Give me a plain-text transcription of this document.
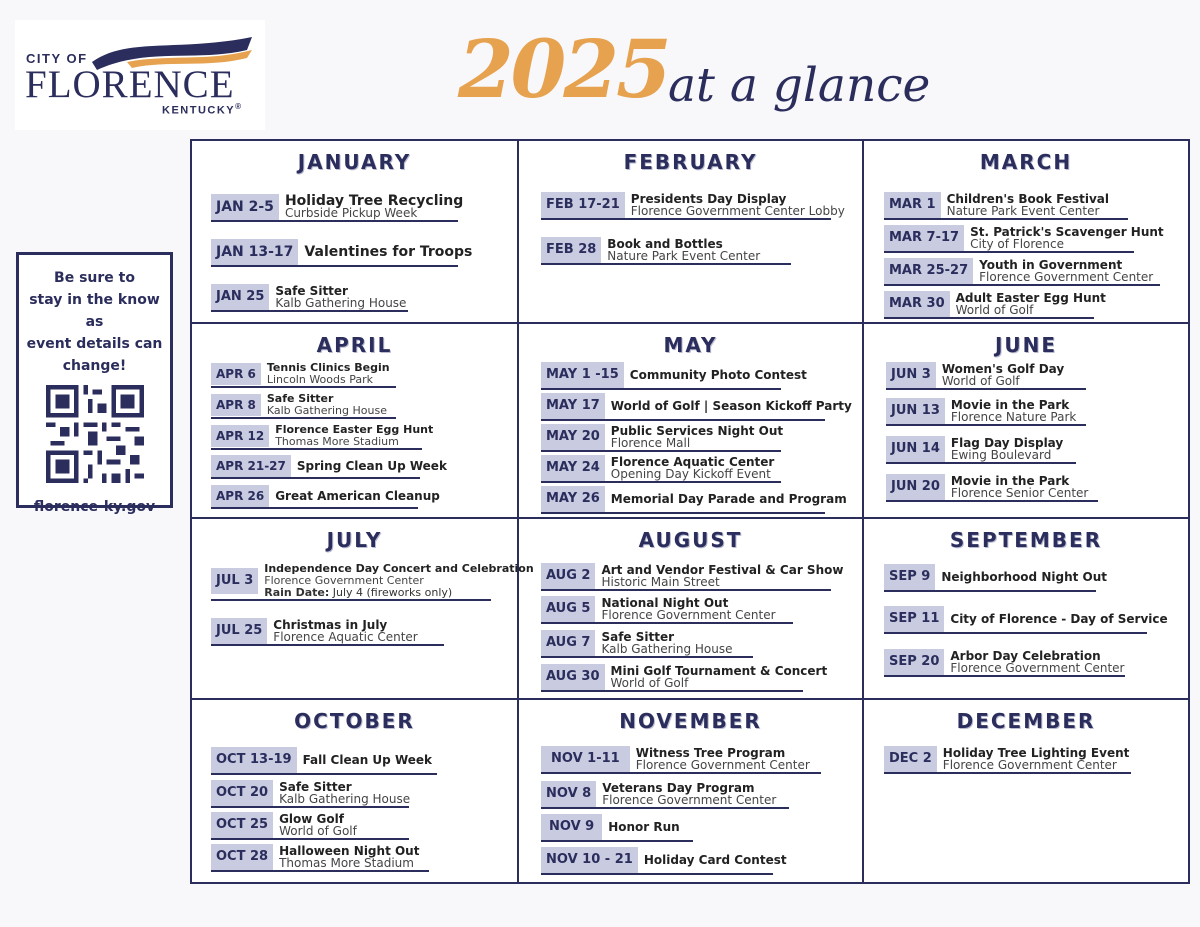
CITY OF
FLORENCE
KENTUCKY®	2025 at a glance
Be sure to
stay in the know as
event details can
change!
florence-ky.gov
JANUARY
JAN 2-5 Holiday Tree Recycling
Curbside Pickup Week
JAN 13-17 Valentines for Troops
JAN 25 Safe Sitter
Kalb Gathering House
FEBRUARY
FEB 17-21 Presidents Day Display
Florence Government Center Lobby
FEB 28 Book and Bottles
Nature Park Event Center
MARCH
MAR 1 Children's Book Festival
Nature Park Event Center
MAR 7-17 St. Patrick's Scavenger Hunt
City of Florence
MAR 25-27 Youth in Government
Florence Government Center
MAR 30 Adult Easter Egg Hunt
World of Golf
APRIL
APR 6	Tennis Clinics Begin
Lincoln Woods Park
APR 8	Safe Sitter
Kalb Gathering House
APR 12	Florence Easter Egg Hunt
Thomas More Stadium
APR 21-27 Spring Clean Up Week
APR 26 Great American Cleanup
MAY
MAY 1 -15 Community Photo Contest
MAY 17 World of Golf | Season Kickoff Party
MAY 20 Public Services Night Out
Florence Mall
MAY 24 Florence Aquatic Center
Opening Day Kickoff Event
MAY 26 Memorial Day Parade and Program
JUNE
JUN 3 Women's Golf Day
World of Golf
JUN 13 Movie in the Park
Florence Nature Park
JUN 14 Flag Day Display
Ewing Boulevard
JUN 20 Movie in the Park
Florence Senior Center
JULY
JUL 3
Independence Day Concert and Celebration
Florence Government Center
Rain Date: July 4 (fireworks only)
JUL 25 Christmas in July
Florence Aquatic Center
AUGUST
AUG 2 Art and Vendor Festival & Car Show
Historic Main Street
AUG 5 National Night Out
Florence Government Center
AUG 7 Safe Sitter
Kalb Gathering House
AUG 30 Mini Golf Tournament & Concert
World of Golf
SEPTEMBER
SEP 9 Neighborhood Night Out
SEP 11 City of Florence - Day of Service
SEP 20 Arbor Day Celebration
Florence Government Center
OCTOBER
OCT 13-19 Fall Clean Up Week
OCT 20 Safe Sitter
Kalb Gathering House
OCT 25 Glow Golf
World of Golf
OCT 28 Halloween Night Out
Thomas More Stadium
NOVEMBER
NOV 1-11	Witness Tree Program
Florence Government Center
NOV 8 Veterans Day Program
Florence Government Center
NOV 9	Honor Run
NOV 10 - 21 Holiday Card Contest
DECEMBER
DEC 2 Holiday Tree Lighting Event
Florence Government Center
